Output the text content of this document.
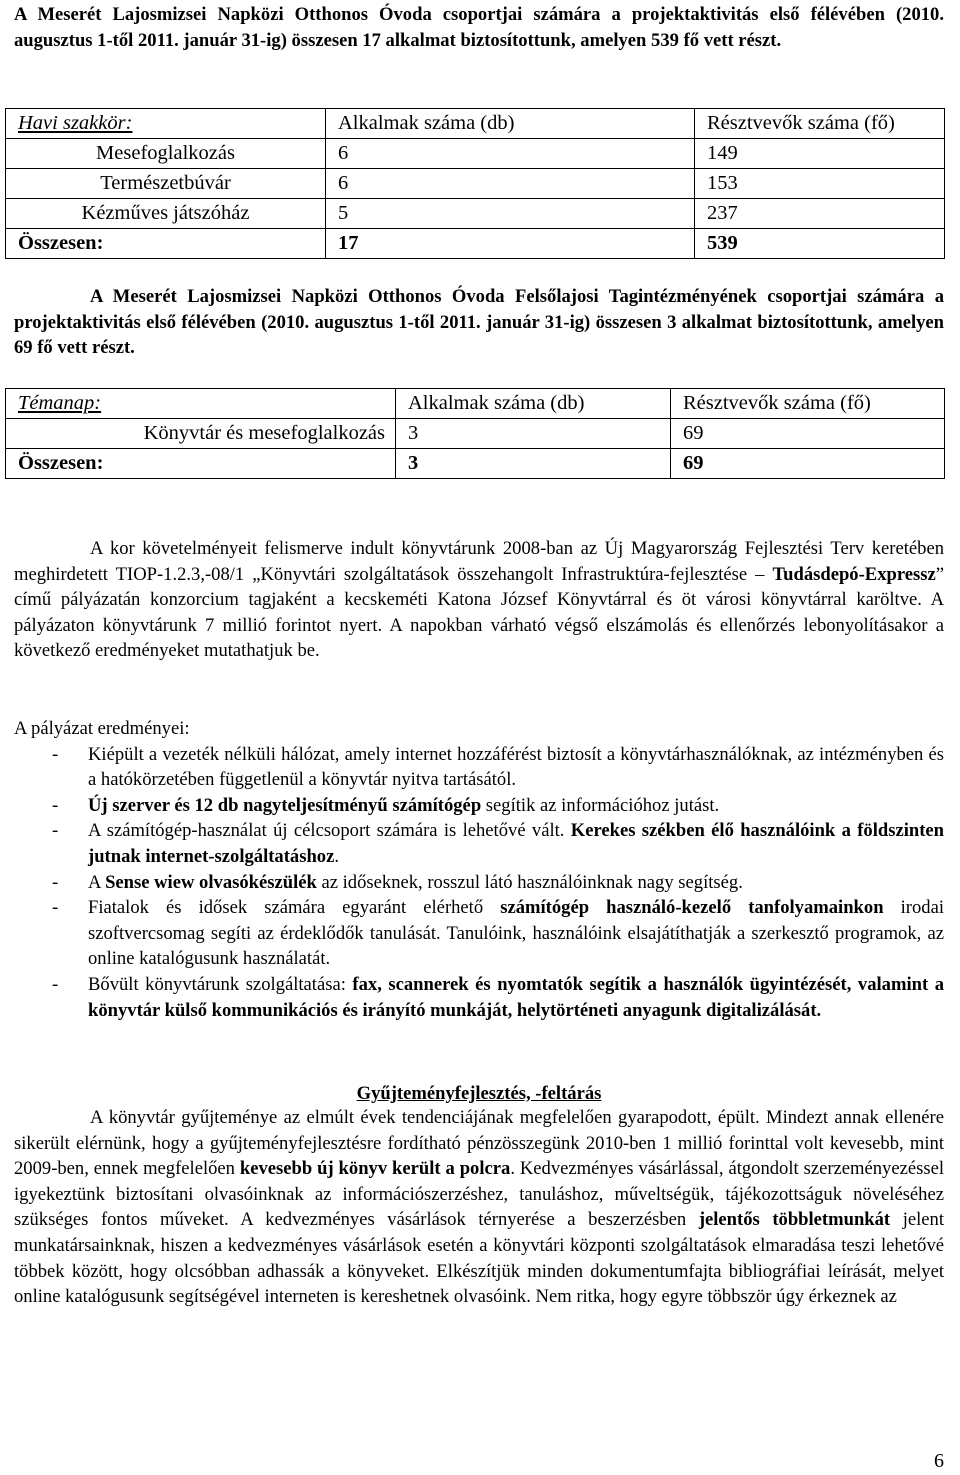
A Meserét Lajosmizsei Napközi Otthonos Óvoda csoportjai számára a projektaktivitás első félévében (2010. augusztus 1-től 2011. január 31-ig) összesen 17 alkalmat biztosítottunk, amelyen 539 fő vett részt.
Havi szakkör:	Alkalmak száma (db)	Résztvevők száma (fő)
Mesefoglalkozás	6	149
Természetbúvár	6	153
Kézműves játszóház	5	237
Összesen:	17	539
A Meserét Lajosmizsei Napközi Otthonos Óvoda Felsőlajosi Tagintézményének csoportjai számára a projektaktivitás első félévében (2010. augusztus 1-től 2011. január 31-ig) összesen 3 alkalmat biztosítottunk, amelyen 69 fő vett részt.
Témanap:	Alkalmak száma (db)	Résztvevők száma (fő)
Könyvtár és mesefoglalkozás	3	69
Összesen:	3	69
A kor követelményeit felismerve indult könyvtárunk 2008-ban az Új Magyarország Fejlesztési Terv keretében meghirdetett TIOP-1.2.3,-08/1 „Könyvtári szolgáltatások összehangolt Infrastruktúra-fejlesztése – Tudásdepó-Expressz” című pályázatán konzorcium tagjaként a kecskeméti Katona József Könyvtárral és öt városi könyvtárral karöltve. A pályázaton könyvtárunk 7 millió forintot nyert. A napokban várható végső elszámolás és ellenőrzés lebonyolításakor a következő eredményeket mutathatjuk be.
A pályázat eredményei:
- Kiépült a vezeték nélküli hálózat, amely internet hozzáférést biztosít a könyvtárhasználóknak, az intézményben és a hatókörzetében függetlenül a könyvtár nyitva tartásától.
- Új szerver és 12 db nagyteljesítményű számítógép segítik az információhoz jutást.
- A számítógép-használat új célcsoport számára is lehetővé vált. Kerekes székben élő használóink a földszinten jutnak internet-szolgáltatáshoz.
- A Sense wiew olvasókészülék az időseknek, rosszul látó használóinknak nagy segítség.
- Fiatalok és idősek számára egyaránt elérhető számítógép használó-kezelő tanfolyamainkon irodai szoftvercsomag segíti az érdeklődők tanulását. Tanulóink, használóink elsajátíthatják a szerkesztő programok, az online katalógusunk használatát.
- Bővült könyvtárunk szolgáltatása: fax, scannerek és nyomtatók segítik a használók ügyintézését, valamint a könyvtár külső kommunikációs és irányító munkáját, helytörténeti anyagunk digitalizálását.
Gyűjteményfejlesztés, -feltárás
A könyvtár gyűjteménye az elmúlt évek tendenciájának megfelelően gyarapodott, épült. Mindezt annak ellenére sikerült elérnünk, hogy a gyűjteményfejlesztésre fordítható pénzösszegünk 2010-ben 1 millió forinttal volt kevesebb, mint 2009-ben, ennek megfelelően kevesebb új könyv került a polcra. Kedvezményes vásárlással, átgondolt szerzeményezéssel igyekeztünk biztosítani olvasóinknak az információszerzéshez, tanuláshoz, műveltségük, tájékozottságuk növeléséhez szükséges fontos műveket. A kedvezményes vásárlások térnyerése a beszerzésben jelentős többletmunkát jelent munkatársainknak, hiszen a kedvezményes vásárlások esetén a könyvtári központi szolgáltatások elmaradása teszi lehetővé többek között, hogy olcsóbban adhassák a könyveket. Elkészítjük minden dokumentumfajta bibliográfiai leírását, melyet online katalógusunk segítségével interneten is kereshetnek olvasóink. Nem ritka, hogy egyre többször úgy érkeznek az
6
